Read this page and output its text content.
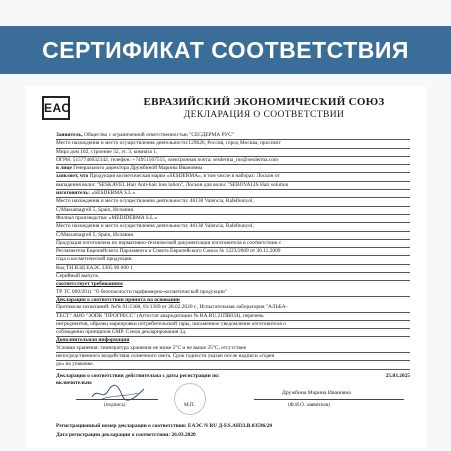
СЕРТИФИКАТ СООТВЕТСТВИЯ
ЕАС	ЕВРАЗИЙСКИЙ ЭКОНОМИЧЕСКИЙ СОЮЗ
ДЕКЛАРАЦИЯ О СООТВЕТСТВИИ

Заявитель, Общество с ограниченной ответственностью "СЕСДЕРМА РУС"

Место нахождения и место осуществления деятельности:129626, Россия, город Москва, проспект

Мира дом 102, строение 32, эт. 3, комната 1.

ОГРН: 5157746032142, телефон: +74951507515, электронная почта: sesderma_rus@sesderma.com

в лице Генерального директора Дружбиной Марины Ивановны

заявляет, что Продукция косметическая марки «SESDERMA», в том числе в наборах: Лосьон от

выпадения волос "SESKAVEL Hair Anti-hair loss lotion", Лосьон для волос "SEBOVALIS Hair solution

изготовитель: «SESDERMA S.L.»

Место нахождения и место осуществления деятельности: 46138 Valencia, Rafelbunyol,

C/Massamagrell 5, Spain, Испания.

Филиал производства: «MEDIDERMA S.L.»

Место нахождения и место осуществления деятельности: 46138 Valencia, Rafelbunyol,

C/Massamagrell 5, Spain, Испания.

Продукция изготовлена по нормативно-технической документации изготовителя в соответствии с

Регламентом Европейского Парламента и Совета Европейского Союза № 1223/2009 от 30.11.2009

года о косметической продукции.

Код ТН ВЭД ЕАЭС 3305 90 000 1

Серийный выпуск.

соответствует требованиям

ТР ТС 009/2011 "О безопасности парфюмерно-косметической продукции"

Декларация о соответствии принята на основании

Протоколы испытаний: №№ 01/1368, 01/1369 от 28.02.2020 г., Испытательная лаборатория "АЛЬБА-

ТЕСТ" АНО "ЗОПК "ПРОГРЕСС" (Аттестат аккредитации № RA.RU.21ПВ034), перечень

ингредиентов, образец маркировки потребительской тары, письменное уведомление изготовителя о

соблюдении принципов GMP. Схема декларирования 3д.

Дополнительная информация

Условия хранения: температура хранения не ниже 5°С и не выше 25°С, отсутствие

непосредственного воздействия солнечного света. Срок годности указан после надписи «годен

до» на упаковке.

Декларация о соответствии действительна с даты регистрации по:	25.03.2025

включительно

(подпись)	М.П.	(Ф.И.О. заявителя)
Дружбина Марина Ивановна
Регистрационный номер декларации о соответствии: ЕАЭС N RU Д-ES.АН33.В.03596/20
Дата регистрации декларации о соответствии: 26.03.2020
